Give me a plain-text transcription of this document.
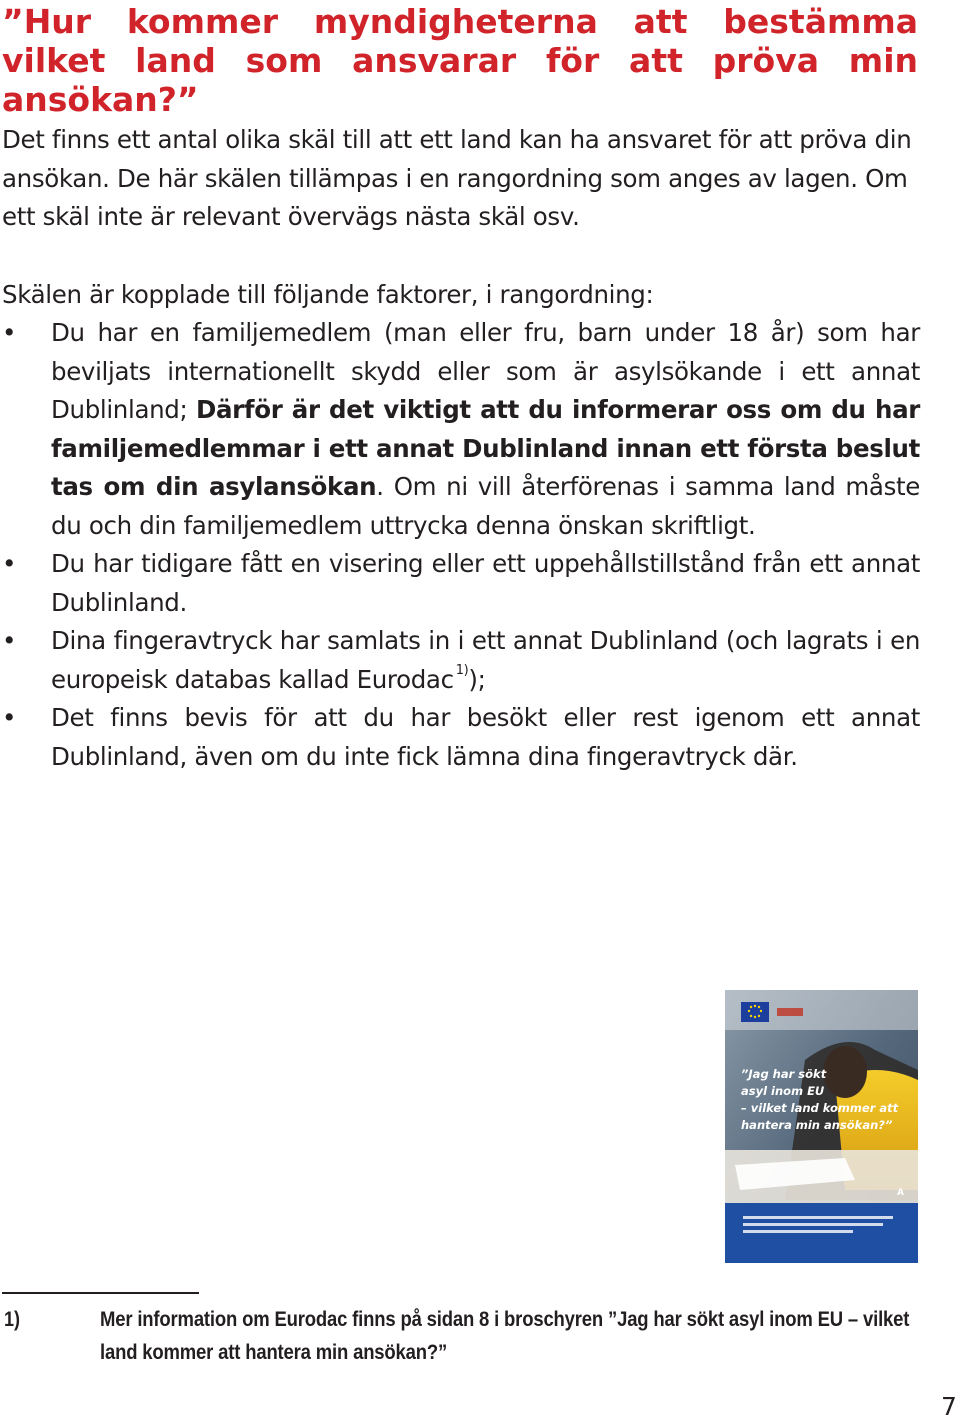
”Hur kommer myndigheterna att bestämma vilket land som ansvarar för att pröva min ansökan?”

Det finns ett antal olika skäl till att ett land kan ha ansvaret för att pröva din ansökan. De här skälen tillämpas i en rangordning som anges av lagen. Om ett skäl inte är relevant övervägs nästa skäl osv.

Skälen är kopplade till följande faktorer, i rangordning:

• Du har en familjemedlem (man eller fru, barn under 18 år) som har beviljats internationellt skydd eller som är asylsökande i ett annat Dublinland; Därför är det viktigt att du informerar oss om du har familjemedlemmar i ett annat Dublinland innan ett första beslut tas om din asylansökan. Om ni vill återförenas i samma land måste du och din familjemedlem uttrycka denna önskan skriftligt.
• Du har tidigare fått en visering eller ett uppehållstillstånd från ett annat Dublinland.
• Dina fingeravtryck har samlats in i ett annat Dublinland (och lagrats i en europeisk databas kallad Eurodac $^{1)}$);
• Det finns bevis för att du har besökt eller rest igenom ett annat Dublinland, även om du inte fick lämna dina fingeravtryck där.
A
”Jag har sökt
asyl inom EU
– vilket land kommer att
hantera min ansökan?”
1)	Mer information om Eurodac finns på sidan 8 i broschyren ”Jag har sökt asyl inom EU – vilket land kommer att hantera min ansökan?”

7
